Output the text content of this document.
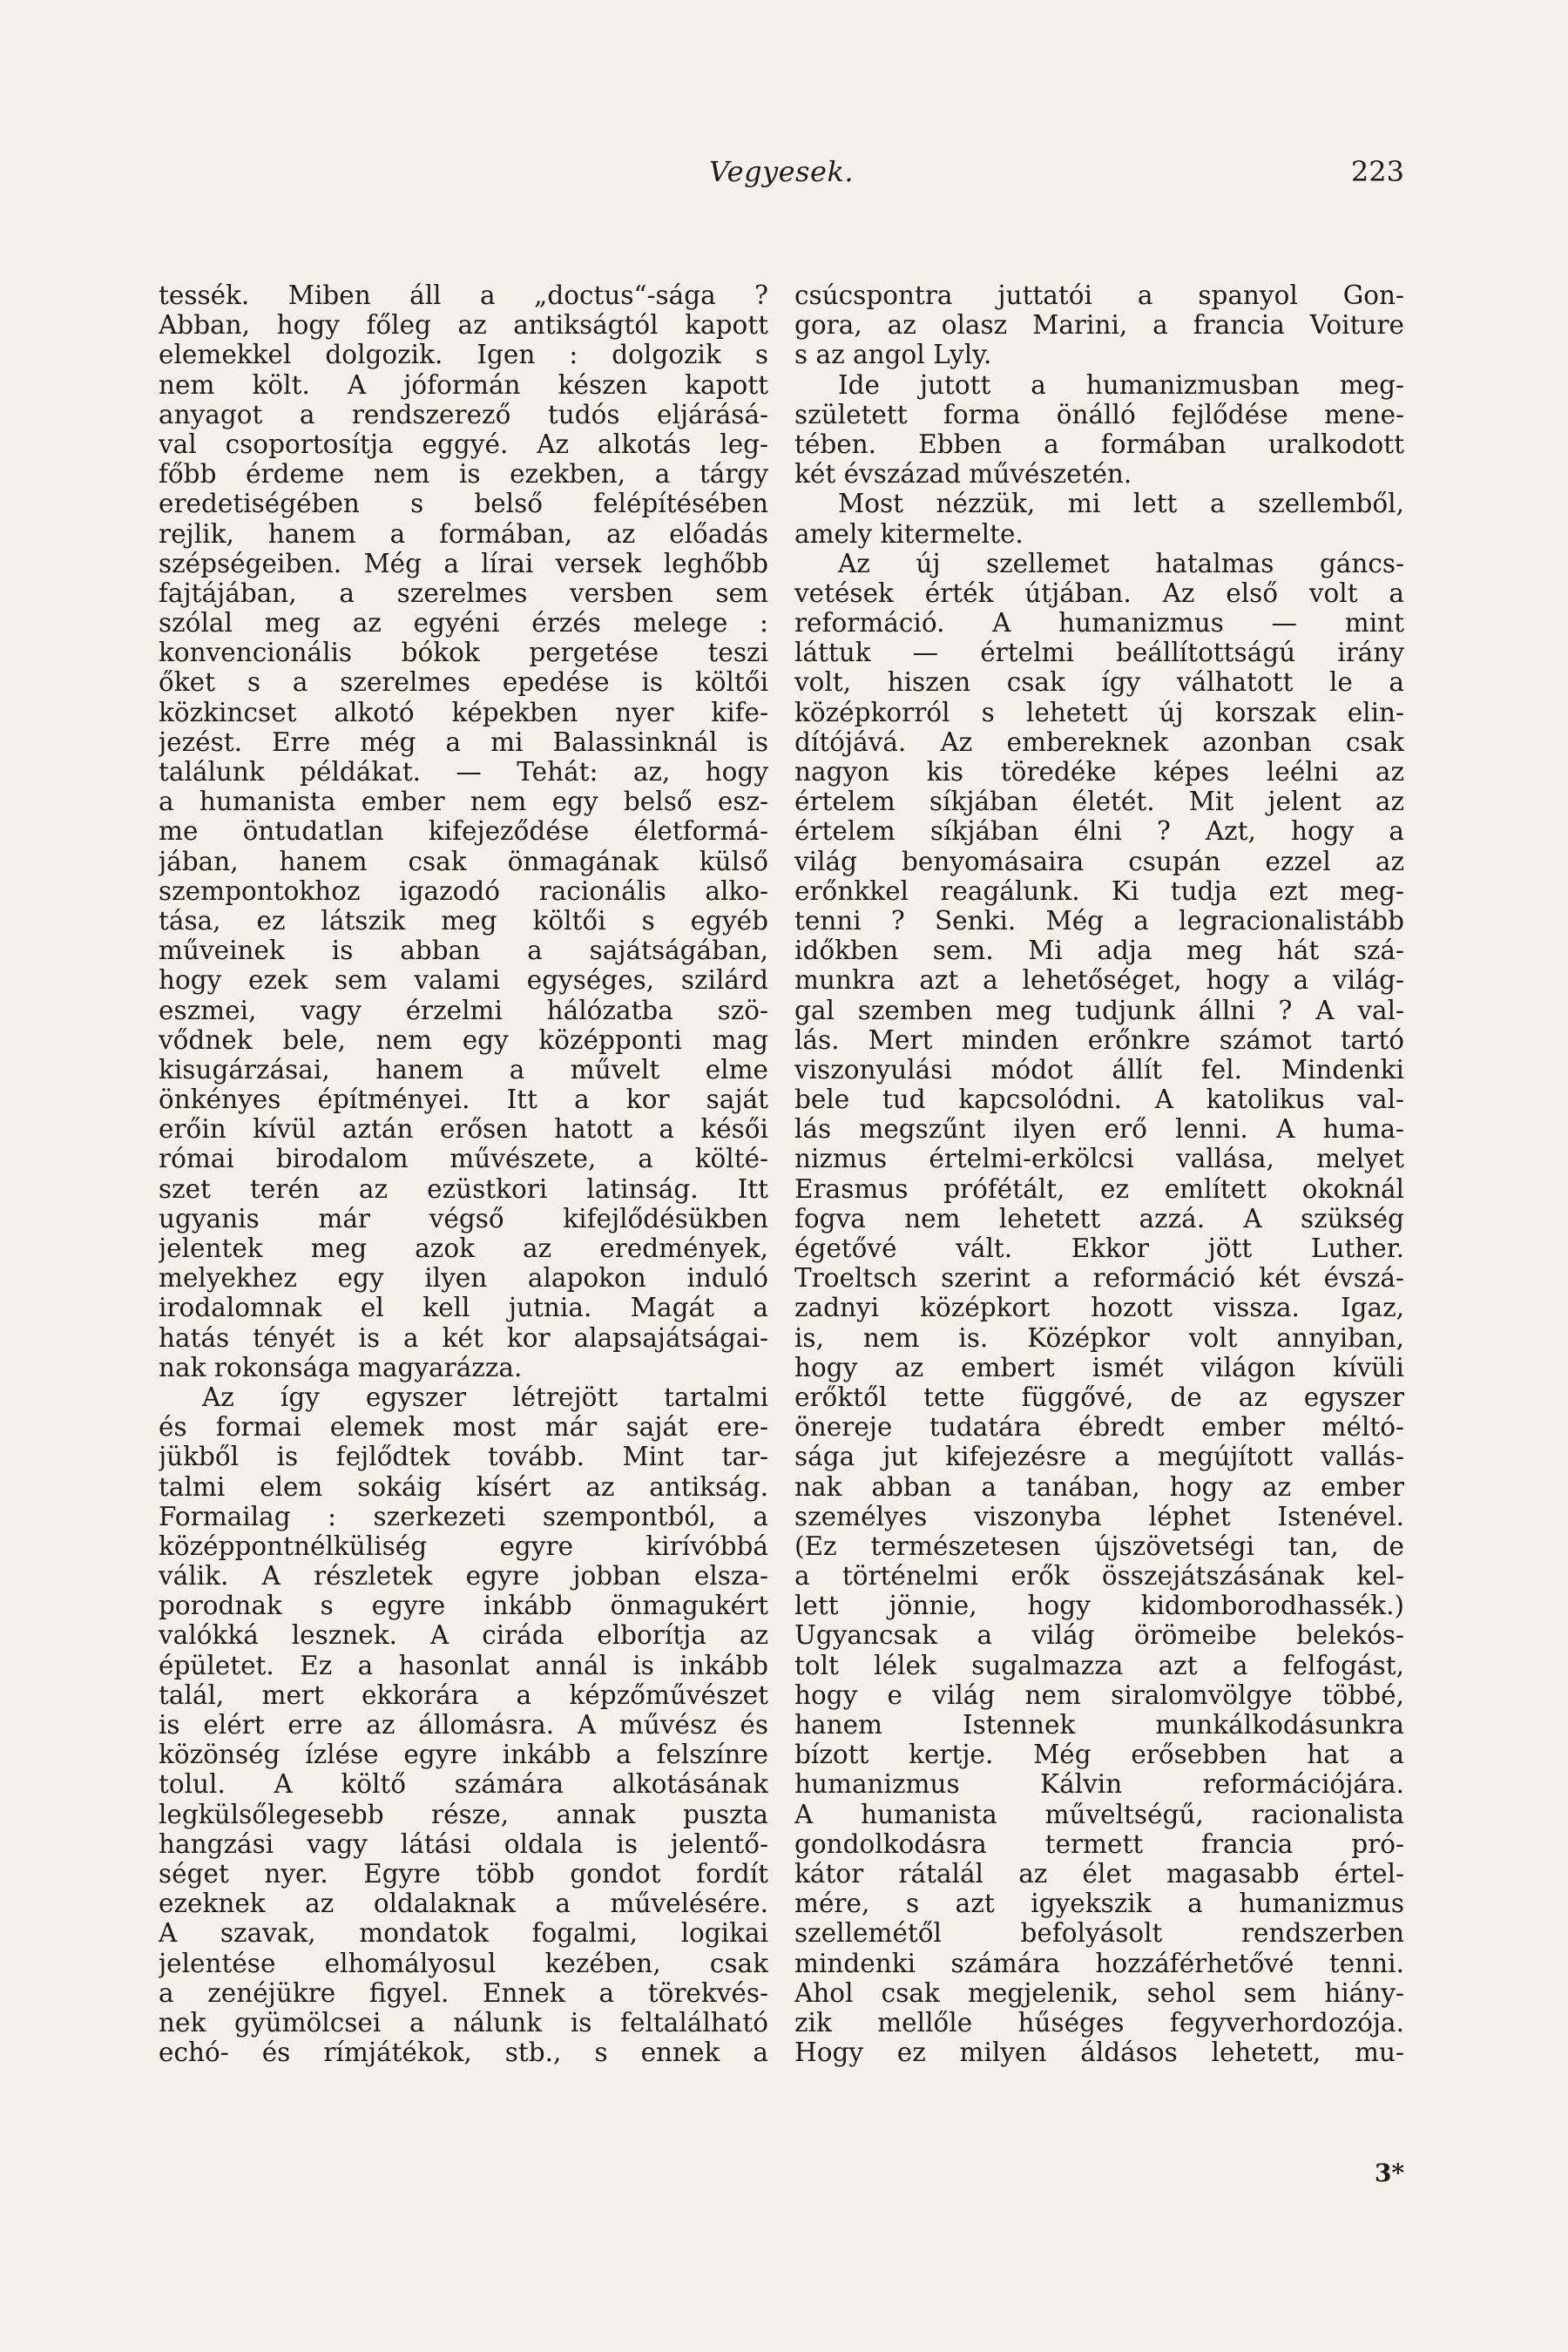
Vegyesek.	223
tessék. Miben áll a „doctus“-sága ?
Abban, hogy főleg az antikságtól kapott
elemekkel dolgozik. Igen : dolgozik s
nem költ. A jóformán készen kapott
anyagot a rendszerező tudós eljárásá-
val csoportosítja eggyé. Az alkotás leg-
főbb érdeme nem is ezekben, a tárgy
eredetiségében s belső felépítésében
rejlik, hanem a formában, az előadás
szépségeiben. Még a lírai versek leghőbb
fajtájában, a szerelmes versben sem
szólal meg az egyéni érzés melege :
konvencionális bókok pergetése teszi
őket s a szerelmes epedése is költői
közkincset alkotó képekben nyer kife-
jezést. Erre még a mi Balassinknál is
találunk példákat. — Tehát: az, hogy
a humanista ember nem egy belső esz-
me öntudatlan kifejeződése életformá-
jában, hanem csak önmagának külső
szempontokhoz igazodó racionális alko-
tása, ez látszik meg költői s egyéb
műveinek is abban a sajátságában,
hogy ezek sem valami egységes, szilárd
eszmei, vagy érzelmi hálózatba szö-
vődnek bele, nem egy középponti mag
kisugárzásai, hanem a művelt elme
önkényes építményei. Itt a kor saját
erőin kívül aztán erősen hatott a késői
római birodalom művészete, a költé-
szet terén az ezüstkori latinság. Itt
ugyanis már végső kifejlődésükben
jelentek meg azok az eredmények,
melyekhez egy ilyen alapokon induló
irodalomnak el kell jutnia. Magát a
hatás tényét is a két kor alapsajátságai-
nak rokonsága magyarázza.
Az így egyszer létrejött tartalmi
és formai elemek most már saját ere-
jükből is fejlődtek tovább. Mint tar-
talmi elem sokáig kísért az antikság.
Formailag : szerkezeti szempontból, a
középpontnélküliség egyre kirívóbbá
válik. A részletek egyre jobban elsza-
porodnak s egyre inkább önmagukért
valókká lesznek. A ciráda elborítja az
épületet. Ez a hasonlat annál is inkább
talál, mert ekkorára a képzőművészet
is elért erre az állomásra. A művész és
közönség ízlése egyre inkább a felszínre
tolul. A költő számára alkotásának
legkülsőlegesebb része, annak puszta
hangzási vagy látási oldala is jelentő-
séget nyer. Egyre több gondot fordít
ezeknek az oldalaknak a művelésére.
A szavak, mondatok fogalmi, logikai
jelentése elhomályosul kezében, csak
a zenéjükre figyel. Ennek a törekvés-
nek gyümölcsei a nálunk is feltalálható
echó- és rímjátékok, stb., s ennek a
csúcspontra juttatói a spanyol Gon-
gora, az olasz Marini, a francia Voiture
s az angol Lyly.
Ide jutott a humanizmusban meg-
született forma önálló fejlődése mene-
tében. Ebben a formában uralkodott
két évszázad művészetén.
Most nézzük, mi lett a szellemből,
amely kitermelte.
Az új szellemet hatalmas gáncs-
vetések érték útjában. Az első volt a
reformáció. A humanizmus — mint
láttuk — értelmi beállítottságú irány
volt, hiszen csak így válhatott le a
középkorról s lehetett új korszak elin-
dítójává. Az embereknek azonban csak
nagyon kis töredéke képes leélni az
értelem síkjában életét. Mit jelent az
értelem síkjában élni ? Azt, hogy a
világ benyomásaira csupán ezzel az
erőnkkel reagálunk. Ki tudja ezt meg-
tenni ? Senki. Még a legracionalistább
időkben sem. Mi adja meg hát szá-
munkra azt a lehetőséget, hogy a világ-
gal szemben meg tudjunk állni ? A val-
lás. Mert minden erőnkre számot tartó
viszonyulási módot állít fel. Mindenki
bele tud kapcsolódni. A katolikus val-
lás megszűnt ilyen erő lenni. A huma-
nizmus értelmi-erkölcsi vallása, melyet
Erasmus prófétált, ez említett okoknál
fogva nem lehetett azzá. A szükség
égetővé vált. Ekkor jött Luther.
Troeltsch szerint a reformáció két évszá-
zadnyi középkort hozott vissza. Igaz,
is, nem is. Középkor volt annyiban,
hogy az embert ismét világon kívüli
erőktől tette függővé, de az egyszer
önereje tudatára ébredt ember méltó-
sága jut kifejezésre a megújított vallás-
nak abban a tanában, hogy az ember
személyes viszonyba léphet Istenével.
(Ez természetesen újszövetségi tan, de
a történelmi erők összejátszásának kel-
lett jönnie, hogy kidomborodhassék.)
Ugyancsak a világ örömeibe belekós-
tolt lélek sugalmazza azt a felfogást,
hogy e világ nem siralomvölgye többé,
hanem Istennek munkálkodásunkra
bízott kertje. Még erősebben hat a
humanizmus Kálvin reformációjára.
A humanista műveltségű, racionalista
gondolkodásra termett francia pró-
kátor rátalál az élet magasabb értel-
mére, s azt igyekszik a humanizmus
szellemétől befolyásolt rendszerben
mindenki számára hozzáférhetővé tenni.
Ahol csak megjelenik, sehol sem hiány-
zik mellőle hűséges fegyverhordozója.
Hogy ez milyen áldásos lehetett, mu-
3*
